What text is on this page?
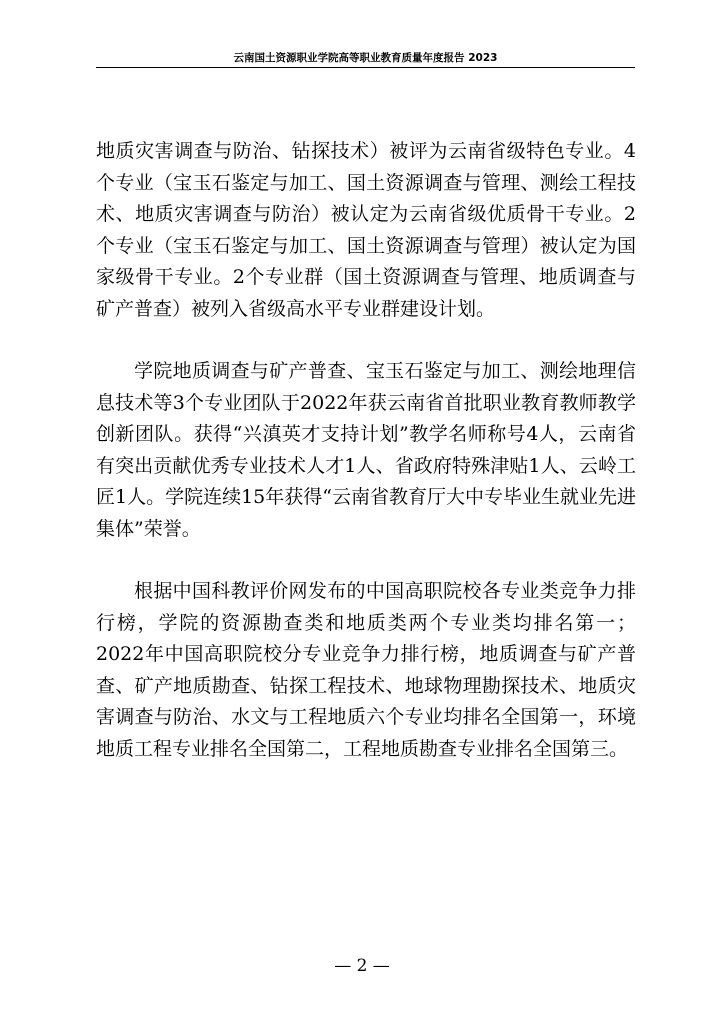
云南国土资源职业学院高等职业教育质量年度报告 2023

地质灾害调查与防治、钻探技术）被评为云南省级特色专业。4个专业（宝玉石鉴定与加工、国土资源调查与管理、测绘工程技术、地质灾害调查与防治）被认定为云南省级优质骨干专业。2个专业（宝玉石鉴定与加工、国土资源调查与管理）被认定为国家级骨干专业。2个专业群（国土资源调查与管理、地质调查与矿产普查）被列入省级高水平专业群建设计划。

学院地质调查与矿产普查、宝玉石鉴定与加工、测绘地理信息技术等3个专业团队于2022年获云南省首批职业教育教师教学创新团队。获得“兴滇英才支持计划”教学名师称号4人，云南省有突出贡献优秀专业技术人才1人、省政府特殊津贴1人、云岭工匠1人。学院连续15年获得“云南省教育厅大中专毕业生就业先进集体”荣誉。

根据中国科教评价网发布的中国高职院校各专业类竞争力排行榜，学院的资源勘查类和地质类两个专业类均排名第一；2022年中国高职院校分专业竞争力排行榜，地质调查与矿产普查、矿产地质勘查、钻探工程技术、地球物理勘探技术、地质灾害调查与防治、水文与工程地质六个专业均排名全国第一，环境地质工程专业排名全国第二，工程地质勘查专业排名全国第三。

— 2 —
